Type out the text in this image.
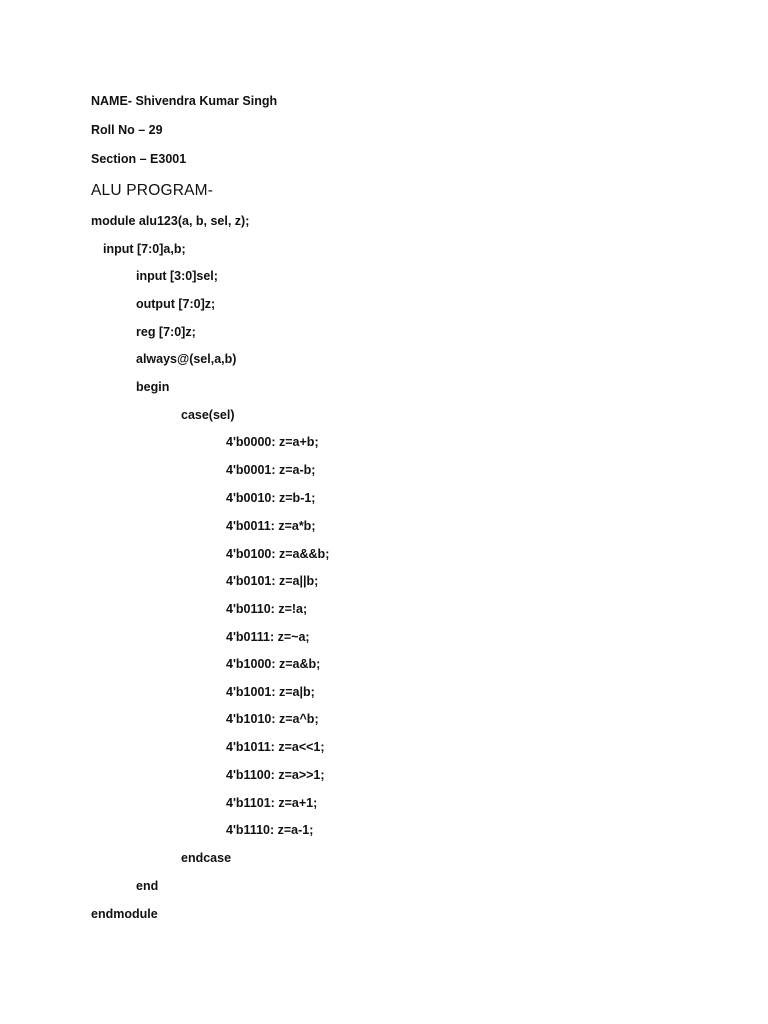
NAME- Shivendra Kumar Singh
Roll No – 29
Section – E3001
ALU PROGRAM-
module alu123(a, b, sel, z);
input [7:0]a,b;
input [3:0]sel;
output [7:0]z;
reg [7:0]z;
always@(sel,a,b)
begin
case(sel)
4'b0000: z=a+b;
4'b0001: z=a-b;
4'b0010: z=b-1;
4'b0011: z=a*b;
4'b0100: z=a&&b;
4'b0101: z=a||b;
4'b0110: z=!a;
4'b0111: z=~a;
4'b1000: z=a&b;
4'b1001: z=a|b;
4'b1010: z=a^b;
4'b1011: z=a<<1;
4'b1100: z=a>>1;
4'b1101: z=a+1;
4'b1110: z=a-1;
endcase
end
endmodule
